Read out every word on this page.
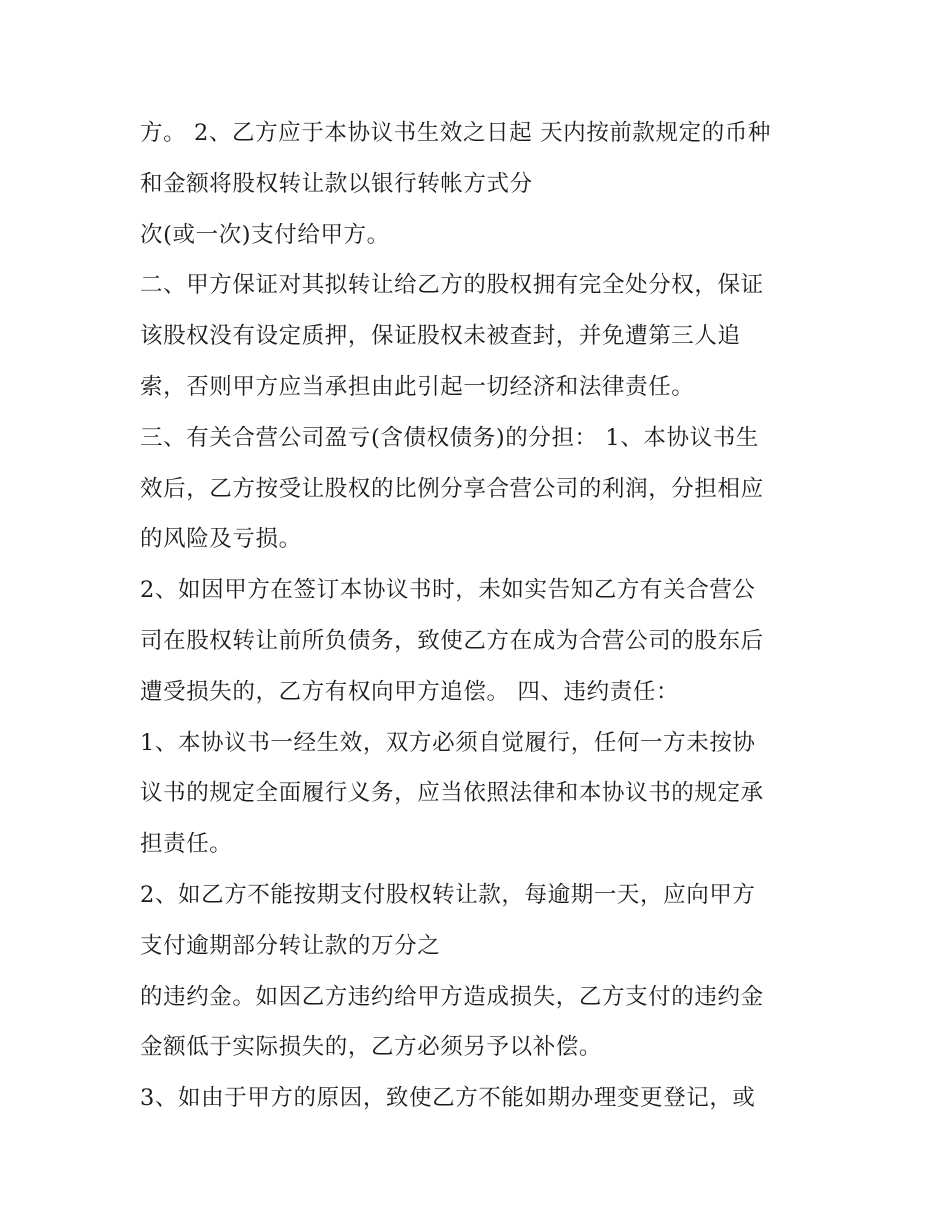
方。 2、乙方应于本协议书生效之日起 天内按前款规定的币种
和金额将股权转让款以银行转帐方式分
次(或一次)支付给甲方。
二、甲方保证对其拟转让给乙方的股权拥有完全处分权，保证
该股权没有设定质押，保证股权未被查封，并免遭第三人追
索，否则甲方应当承担由此引起一切经济和法律责任。
三、有关合营公司盈亏(含债权债务)的分担： 1、本协议书生
效后，乙方按受让股权的比例分享合营公司的利润，分担相应
的风险及亏损。
2、如因甲方在签订本协议书时，未如实告知乙方有关合营公
司在股权转让前所负债务，致使乙方在成为合营公司的股东后
遭受损失的，乙方有权向甲方追偿。 四、违约责任：
1、本协议书一经生效，双方必须自觉履行，任何一方未按协
议书的规定全面履行义务，应当依照法律和本协议书的规定承
担责任。
2、如乙方不能按期支付股权转让款，每逾期一天，应向甲方
支付逾期部分转让款的万分之
的违约金。如因乙方违约给甲方造成损失，乙方支付的违约金
金额低于实际损失的，乙方必须另予以补偿。
3、如由于甲方的原因，致使乙方不能如期办理变更登记，或
